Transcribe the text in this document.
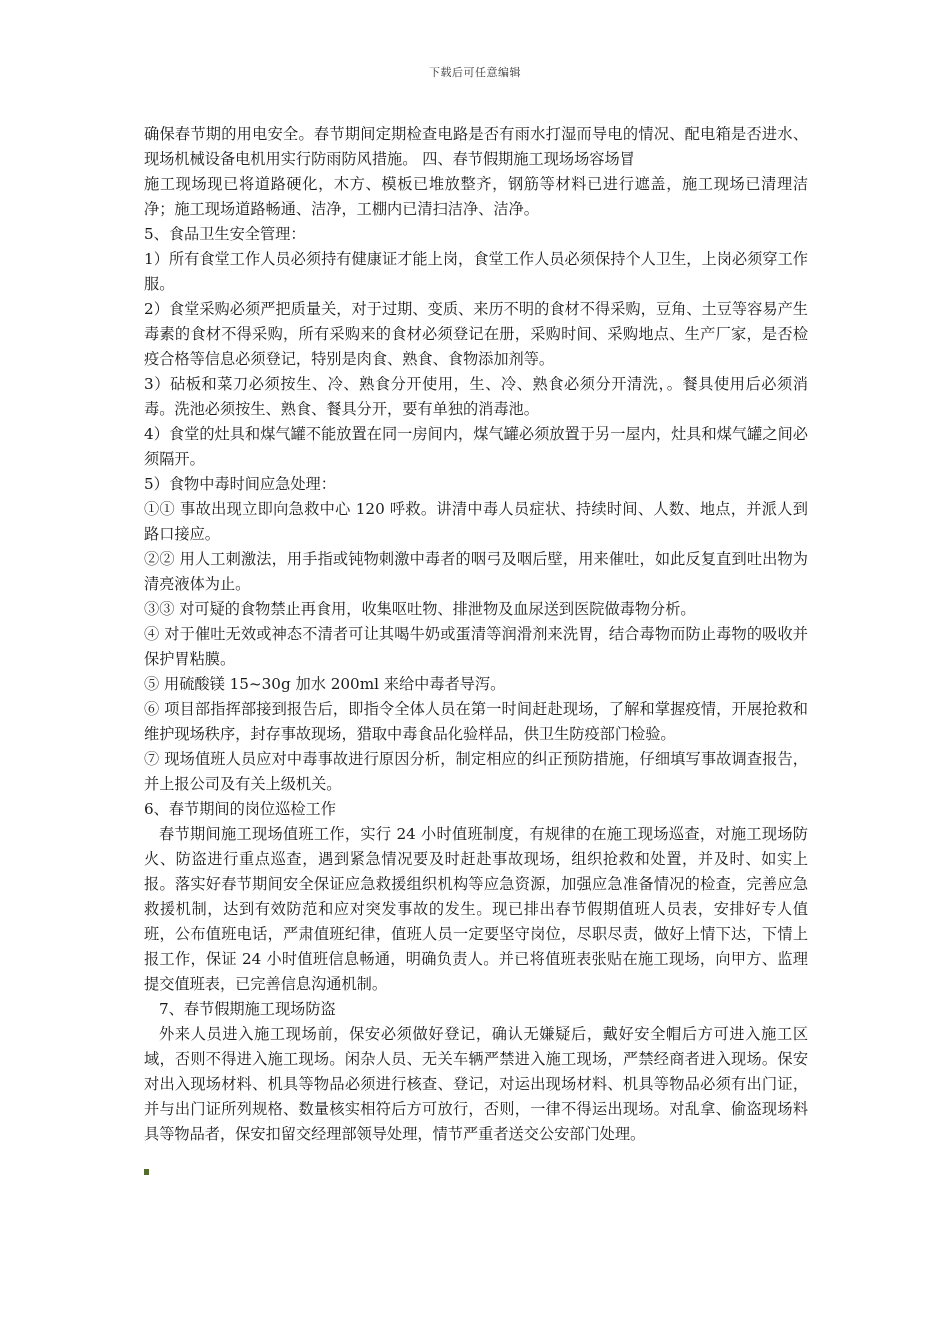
下载后可任意编辑

确保春节期的用电安全。春节期间定期检查电路是否有雨水打湿而导电的情况、配电箱是否进水、现场机械设备电机用实行防雨防风措施。 四、春节假期施工现场场容场冒

施工现场现已将道路硬化，木方、模板已堆放整齐，钢筋等材料已进行遮盖，施工现场已清理洁净；施工现场道路畅通、洁净，工棚内已清扫洁净、洁净。

5、食品卫生安全管理：

1）所有食堂工作人员必须持有健康证才能上岗，食堂工作人员必须保持个人卫生，上岗必须穿工作服。

2）食堂采购必须严把质量关，对于过期、变质、来历不明的食材不得采购，豆角、土豆等容易产生毒素的食材不得采购，所有采购来的食材必须登记在册，采购时间、采购地点、生产厂家，是否检疫合格等信息必须登记，特别是肉食、熟食、食物添加剂等。

3）砧板和菜刀必须按生、冷、熟食分开使用，生、冷、熟食必须分开清洗，。餐具使用后必须消毒。洗池必须按生、熟食、餐具分开，要有单独的消毒池。

4）食堂的灶具和煤气罐不能放置在同一房间内，煤气罐必须放置于另一屋内，灶具和煤气罐之间必须隔开。

5）食物中毒时间应急处理：

①① 事故出现立即向急救中心 120 呼救。讲清中毒人员症状、持续时间、人数、地点，并派人到路口接应。

②② 用人工刺激法，用手指或钝物刺激中毒者的咽弓及咽后壁，用来催吐，如此反复直到吐出物为清亮液体为止。

③③ 对可疑的食物禁止再食用，收集呕吐物、排泄物及血尿送到医院做毒物分析。

④ 对于催吐无效或神态不清者可让其喝牛奶或蛋清等润滑剂来洗胃，结合毒物而防止毒物的吸收并保护胃粘膜。

⑤ 用硫酸镁 15~30g 加水 200ml 来给中毒者导泻。

⑥ 项目部指挥部接到报告后，即指令全体人员在第一时间赶赴现场，了解和掌握疫情，开展抢救和维护现场秩序，封存事故现场，猎取中毒食品化验样品，供卫生防疫部门检验。

⑦ 现场值班人员应对中毒事故进行原因分析，制定相应的纠正预防措施，仔细填写事故调查报告，并上报公司及有关上级机关。

6、春节期间的岗位巡检工作

春节期间施工现场值班工作，实行 24 小时值班制度，有规律的在施工现场巡查，对施工现场防火、防盗进行重点巡查，遇到紧急情况要及时赶赴事故现场，组织抢救和处置，并及时、如实上报。落实好春节期间安全保证应急救援组织机构等应急资源，加强应急准备情况的检查，完善应急救援机制，达到有效防范和应对突发事故的发生。现已排出春节假期值班人员表，安排好专人值班，公布值班电话，严肃值班纪律，值班人员一定要坚守岗位，尽职尽责，做好上情下达，下情上报工作，保证 24 小时值班信息畅通，明确负责人。并已将值班表张贴在施工现场，向甲方、监理提交值班表，已完善信息沟通机制。

7、春节假期施工现场防盗

外来人员进入施工现场前，保安必须做好登记，确认无嫌疑后，戴好安全帽后方可进入施工区域，否则不得进入施工现场。闲杂人员、无关车辆严禁进入施工现场，严禁经商者进入现场。保安对出入现场材料、机具等物品必须进行核查、登记，对运出现场材料、机具等物品必须有出门证，并与出门证所列规格、数量核实相符后方可放行，否则，一律不得运出现场。对乱拿、偷盗现场料具等物品者，保安扣留交经理部领导处理，情节严重者送交公安部门处理。
